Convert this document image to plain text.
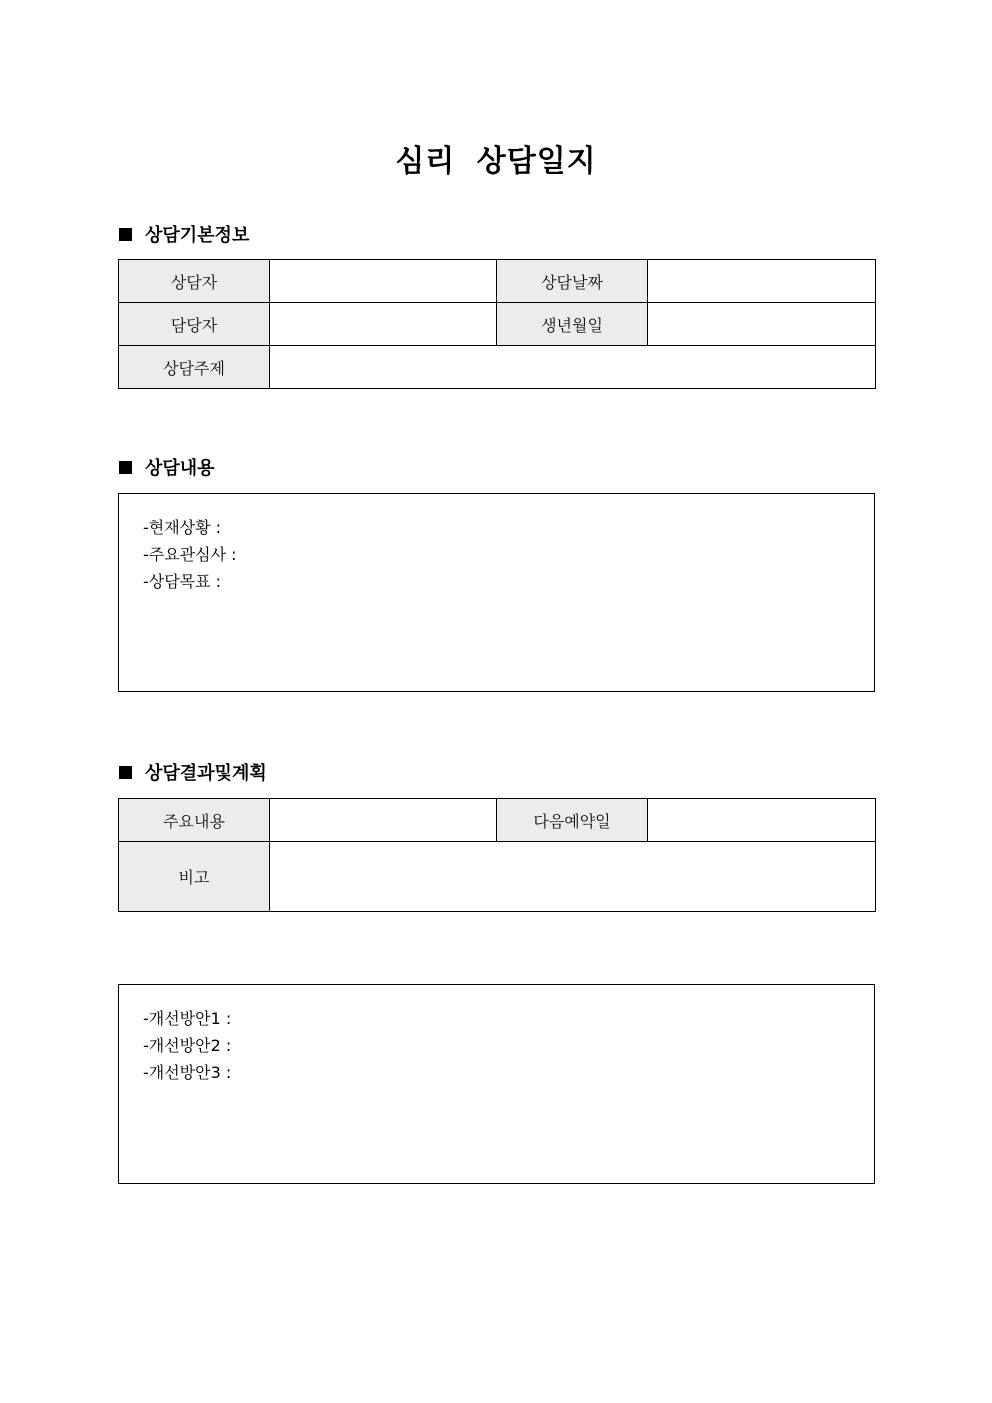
심리 상담일지
상담기본정보
상담자		상담날짜	
담당자		생년월일	
상담주제			
상담내용
-현재상황 :
-주요관심사 :
-상담목표 :
상담결과및계획
주요내용		다음예약일	
비고			
-개선방안1 :
-개선방안2 :
-개선방안3 :
